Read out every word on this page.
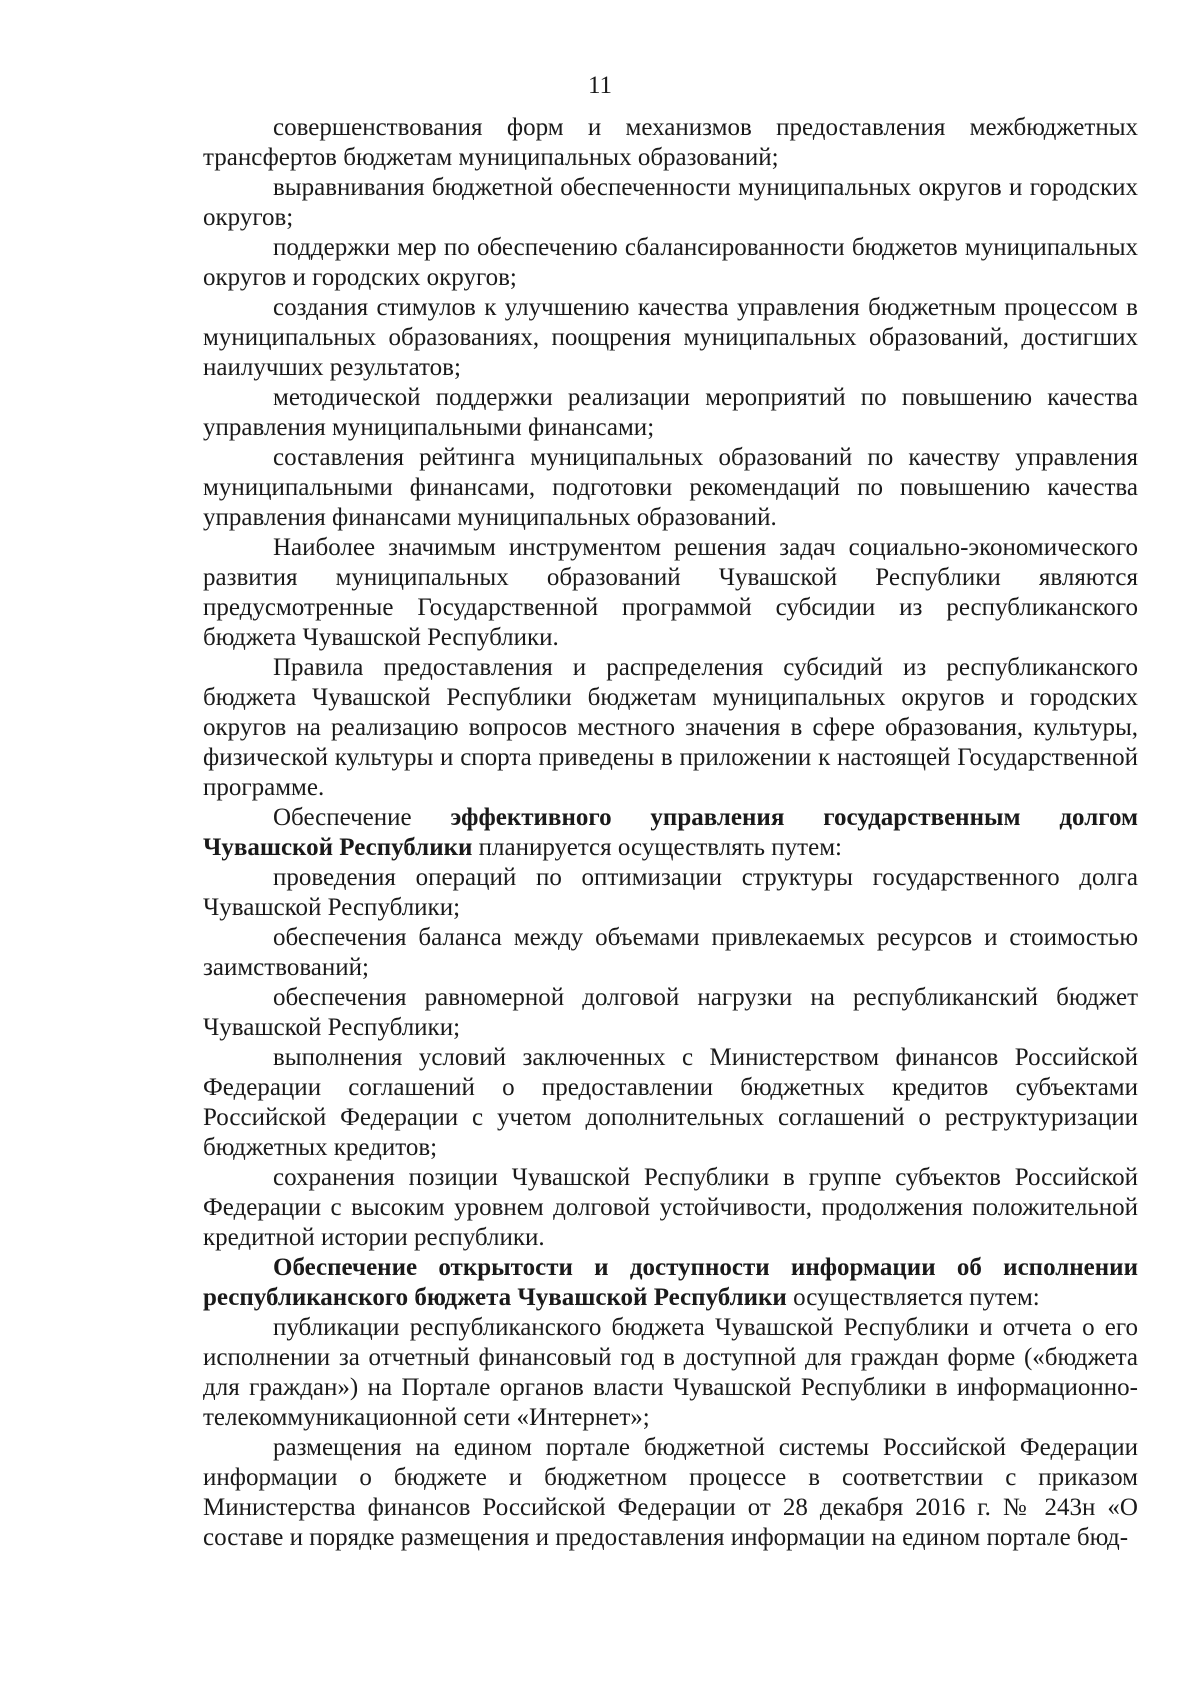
11

совершенствования форм и механизмов предоставления межбюджетных трансфертов бюджетам муниципальных образований;

выравнивания бюджетной обеспеченности муниципальных округов и городских округов;

поддержки мер по обеспечению сбалансированности бюджетов муниципальных округов и городских округов;

создания стимулов к улучшению качества управления бюджетным процессом в муниципальных образованиях, поощрения муниципальных образований, достигших наилучших результатов;

методической поддержки реализации мероприятий по повышению качества управления муниципальными финансами;

составления рейтинга муниципальных образований по качеству управления муниципальными финансами, подготовки рекомендаций по повышению качества управления финансами муниципальных образований.

Наиболее значимым инструментом решения задач социально-экономического развития муниципальных образований Чувашской Республики являются предусмотренные Государственной программой субсидии из республиканского бюджета Чувашской Республики.

Правила предоставления и распределения субсидий из республиканского бюджета Чувашской Республики бюджетам муниципальных округов и городских округов на реализацию вопросов местного значения в сфере образования, культуры, физической культуры и спорта приведены в приложении к настоящей Государственной программе.

Обеспечение эффективного управления государственным долгом Чувашской Республики планируется осуществлять путем:

проведения операций по оптимизации структуры государственного долга Чувашской Республики;

обеспечения баланса между объемами привлекаемых ресурсов и стоимостью заимствований;

обеспечения равномерной долговой нагрузки на республиканский бюджет Чувашской Республики;

выполнения условий заключенных с Министерством финансов Российской Федерации соглашений о предоставлении бюджетных кредитов субъектами Российской Федерации с учетом дополнительных соглашений о реструктуризации бюджетных кредитов;

сохранения позиции Чувашской Республики в группе субъектов Российской Федерации с высоким уровнем долговой устойчивости, продолжения положительной кредитной истории республики.

Обеспечение открытости и доступности информации об исполнении республиканского бюджета Чувашской Республики осуществляется путем:

публикации республиканского бюджета Чувашской Республики и отчета о его исполнении за отчетный финансовый год в доступной для граждан форме («бюджета для граждан») на Портале органов власти Чувашской Республики в информационно-телекоммуникационной сети «Интернет»;

размещения на едином портале бюджетной системы Российской Федерации информации о бюджете и бюджетном процессе в соответствии с приказом Министерства финансов Российской Федерации от 28 декабря 2016 г. № 243н «О составе и порядке размещения и предоставления информации на едином портале бюд-
